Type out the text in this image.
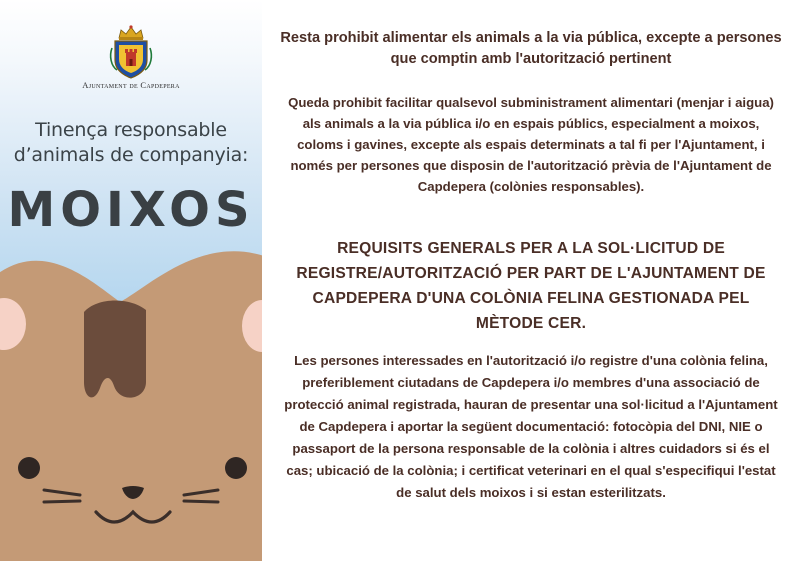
Ajuntament de Capdepera
Tinença responsable
d’animals de companyia:
MOIXOS

Resta prohibit alimentar els animals a la via pública, excepte a persones que comptin amb l'autorització pertinent

Queda prohibit facilitar qualsevol subministrament alimentari (menjar i aigua) als animals a la via pública i/o en espais públics, especialment a moixos, coloms i gavines, excepte als espais determinats a tal fi per l'Ajuntament, i només per persones que disposin de l'autorització prèvia de l'Ajuntament de Capdepera (colònies responsables).

REQUISITS GENERALS PER A LA SOL·LICITUD DE REGISTRE/AUTORITZACIÓ PER PART DE L'AJUNTAMENT DE CAPDEPERA D'UNA COLÒNIA FELINA GESTIONADA PEL MÈTODE CER.

Les persones interessades en l'autorització i/o registre d'una colònia felina, preferiblement ciutadans de Capdepera i/o membres d'una associació de protecció animal registrada, hauran de presentar una sol·licitud a l'Ajuntament de Capdepera i aportar la següent documentació: fotocòpia del DNI, NIE o passaport de la persona responsable de la colònia i altres cuidadors si és el cas; ubicació de la colònia; i certificat veterinari en el qual s'especifiqui l'estat de salut dels moixos i si estan esterilitzats.
